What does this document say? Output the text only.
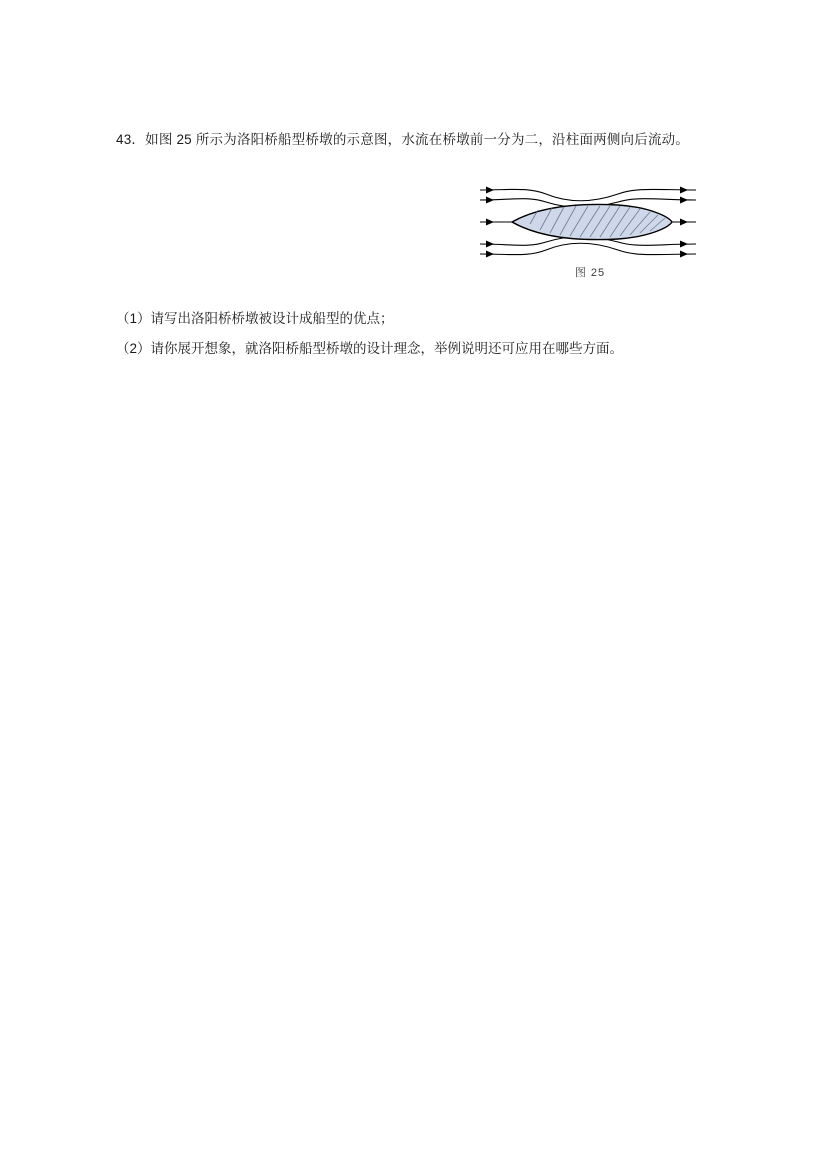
43．如图 25 所示为洛阳桥船型桥墩的示意图，水流在桥墩前一分为二，沿柱面两侧向后流动。
图 25
（1）请写出洛阳桥桥墩被设计成船型的优点；
（2）请你展开想象，就洛阳桥船型桥墩的设计理念，举例说明还可应用在哪些方面。
